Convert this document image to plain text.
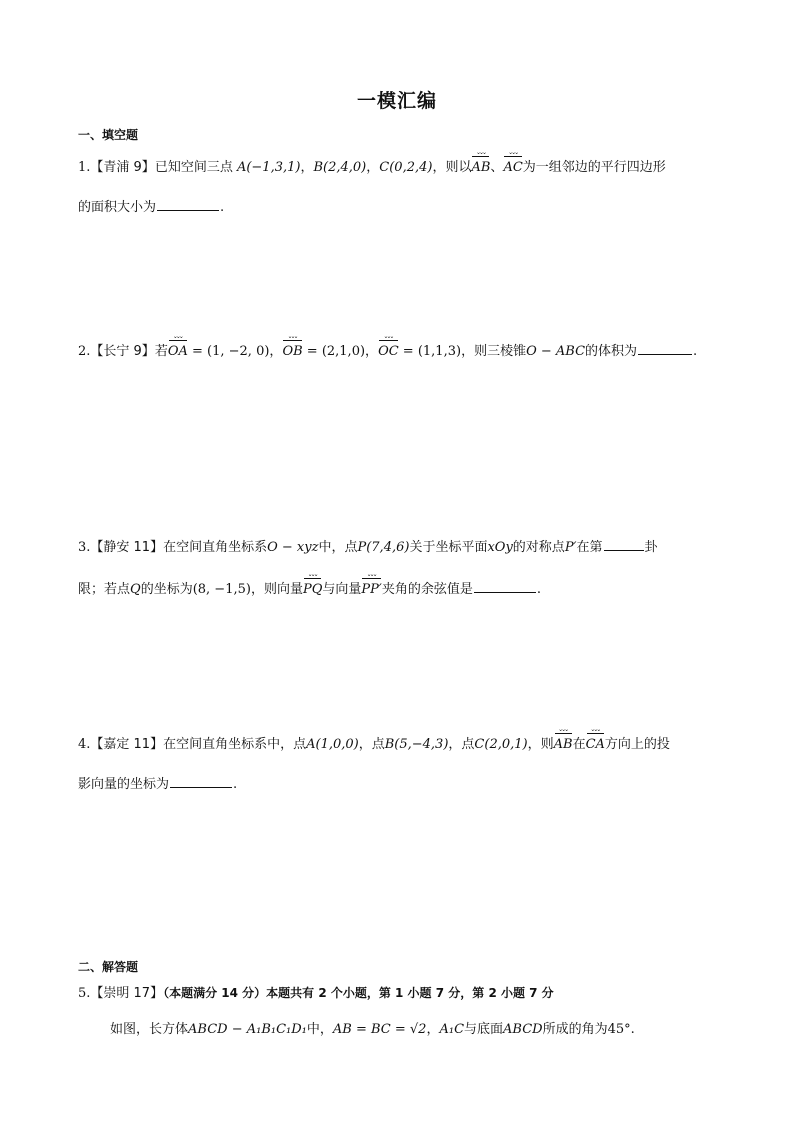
一模汇编
一、填空题
1.【青浦 9】已知空间三点 A(−1,3,1)，B(2,4,0)，C(0,2,4)，则以AB ˇˇˇ、AC ˇˇˇ为一组邻边的平行四边形
的面积大小为	.
2.【长宁 9】若OA ˇˇˇ = (1, −2, 0)，OB ˇˇˇ = (2,1,0)，OC ˇˇˇ = (1,1,3)，则三棱锥O − ABC的体积为	.
3.【静安 11】在空间直角坐标系O − xyz中，点P(7,4,6)关于坐标平面xOy的对称点P′在第	卦
限；若点Q的坐标为(8, −1,5)，则向量PQ ˇˇˇ与向量PP′ ˇˇˇ夹角的余弦值是	.
4.【嘉定 11】在空间直角坐标系中，点A(1,0,0)，点B(5,−4,3)，点C(2,0,1)，则AB ˇˇˇ在CA ˇˇˇ方向上的投
影向量的坐标为	.
二、解答题
5.【崇明 17】（本题满分 14 分）本题共有 2 个小题，第 1 小题 7 分，第 2 小题 7 分
如图，长方体ABCD − A₁B₁C₁D₁中，AB = BC = √2，A₁C与底面ABCD所成的角为45°.
